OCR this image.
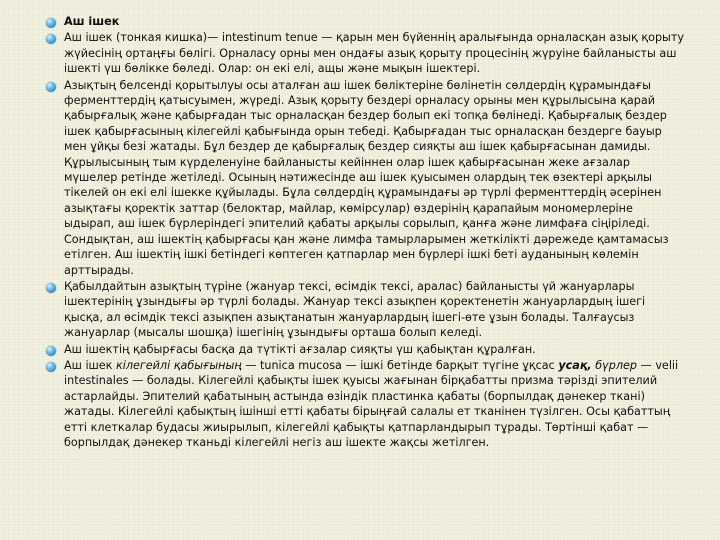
Аш ішек
Аш ішек (тонкая кишка)— intestinum tenue — қарын мен бүйеннің аралығында орналасқан азық қорыту жүйесінің ортаңғы бөлігі. Орналасу орны мен ондағы азық қорыту процесінің жүруіне байланысты аш ішекті үш бөлікке бөледі. Олар: он екі елі, ащы және мықын ішектері.
Азықтың белсенді қорытылуы осы аталған аш ішек бөліктеріне бөлінетін сөлдердің құрамындағы ферменттердің қатысуымен, жүреді. Азық қорыту бездері орналасу орыны мен құрылысына қарай қабырғалық және қабырғадан тыс орналасқан бездер болып екі топқа бөлінеді. Қабырғалық бездер ішек қабырғасының кілегейлі қабығында орын тебеді. Қабырғадан тыс орналасқан бездерге бауыр мен ұйқы безі жатады. Бұл бездер де қабырғалық бездер сияқты аш ішек қабырғасынан дамиды. Құрылысының тым күрделенуіне байланысты кейіннен олар ішек қабырғасынан жеке ағзалар мүшелер ретінде жетіледі. Осының нәтижесінде аш ішек қуысымен олардың тек өзектері арқылы тікелей он екі елі ішекке құйылады. Бұла сөлдердің құрамындағы әр түрлі ферменттердің әсерінен азықтағы қоректік заттар (белоктар, майлар, көмірсулар) өздерінің қарапайым мономерлеріне ыдырап, аш ішек бүрлеріндегі эпителий қабаты арқылы сорылып, қанға және лимфаға сіңіріледі. Сондықтан, аш ішектің қабырғасы қан және лимфа тамырларымен жеткілікті дәрежеде қамтамасыз етілген. Аш ішектің ішкі бетіндегі көптеген қатпарлар мен бүрлері ішкі беті ауданының көлемін арттырады.
Қабылдайтын азықтың түріне (жануар тексі, өсімдік тексі, аралас) байланысты үй жануарлары ішектерінің ұзындығы әр түрлі болады. Жануар тексі азықпен қоректенетін жануарлардың ішегі қысқа, ал өсімдік тексі азықпен азықтанатын жануарлардың ішегі-өте ұзын болады. Талғаусыз жануарлар (мысалы шошқа) ішегінің ұзындығы орташа болып келеді.
Аш ішектің қабырғасы басқа да түтікті ағзалар сияқты үш қабықтан құралған.
Аш ішек кілегейлі қабығының — tunica mucosa — ішкі бетінде барқыт түгіне ұқсас усақ, бүрлер — velii intestinales — болады. Кілегейлі қабықты ішек қуысы жағынан бірқабатты призма тәрізді эпителий астарлайды. Эпителий қабатының астында өзіндік пластинка қабаты (борпылдақ дәнекер ткані) жатады. Кілегейлі қабықтың ішінші етті қабаты бірыңғай салалы ет тканінен түзілген. Осы қабаттың етті клеткалар будасы жиырылып, кілегейлі қабықты қатпарландырып тұрады. Төртінші қабат — борпылдақ дәнекер тканьді кілегейлі негіз аш ішекте жақсы жетілген.
